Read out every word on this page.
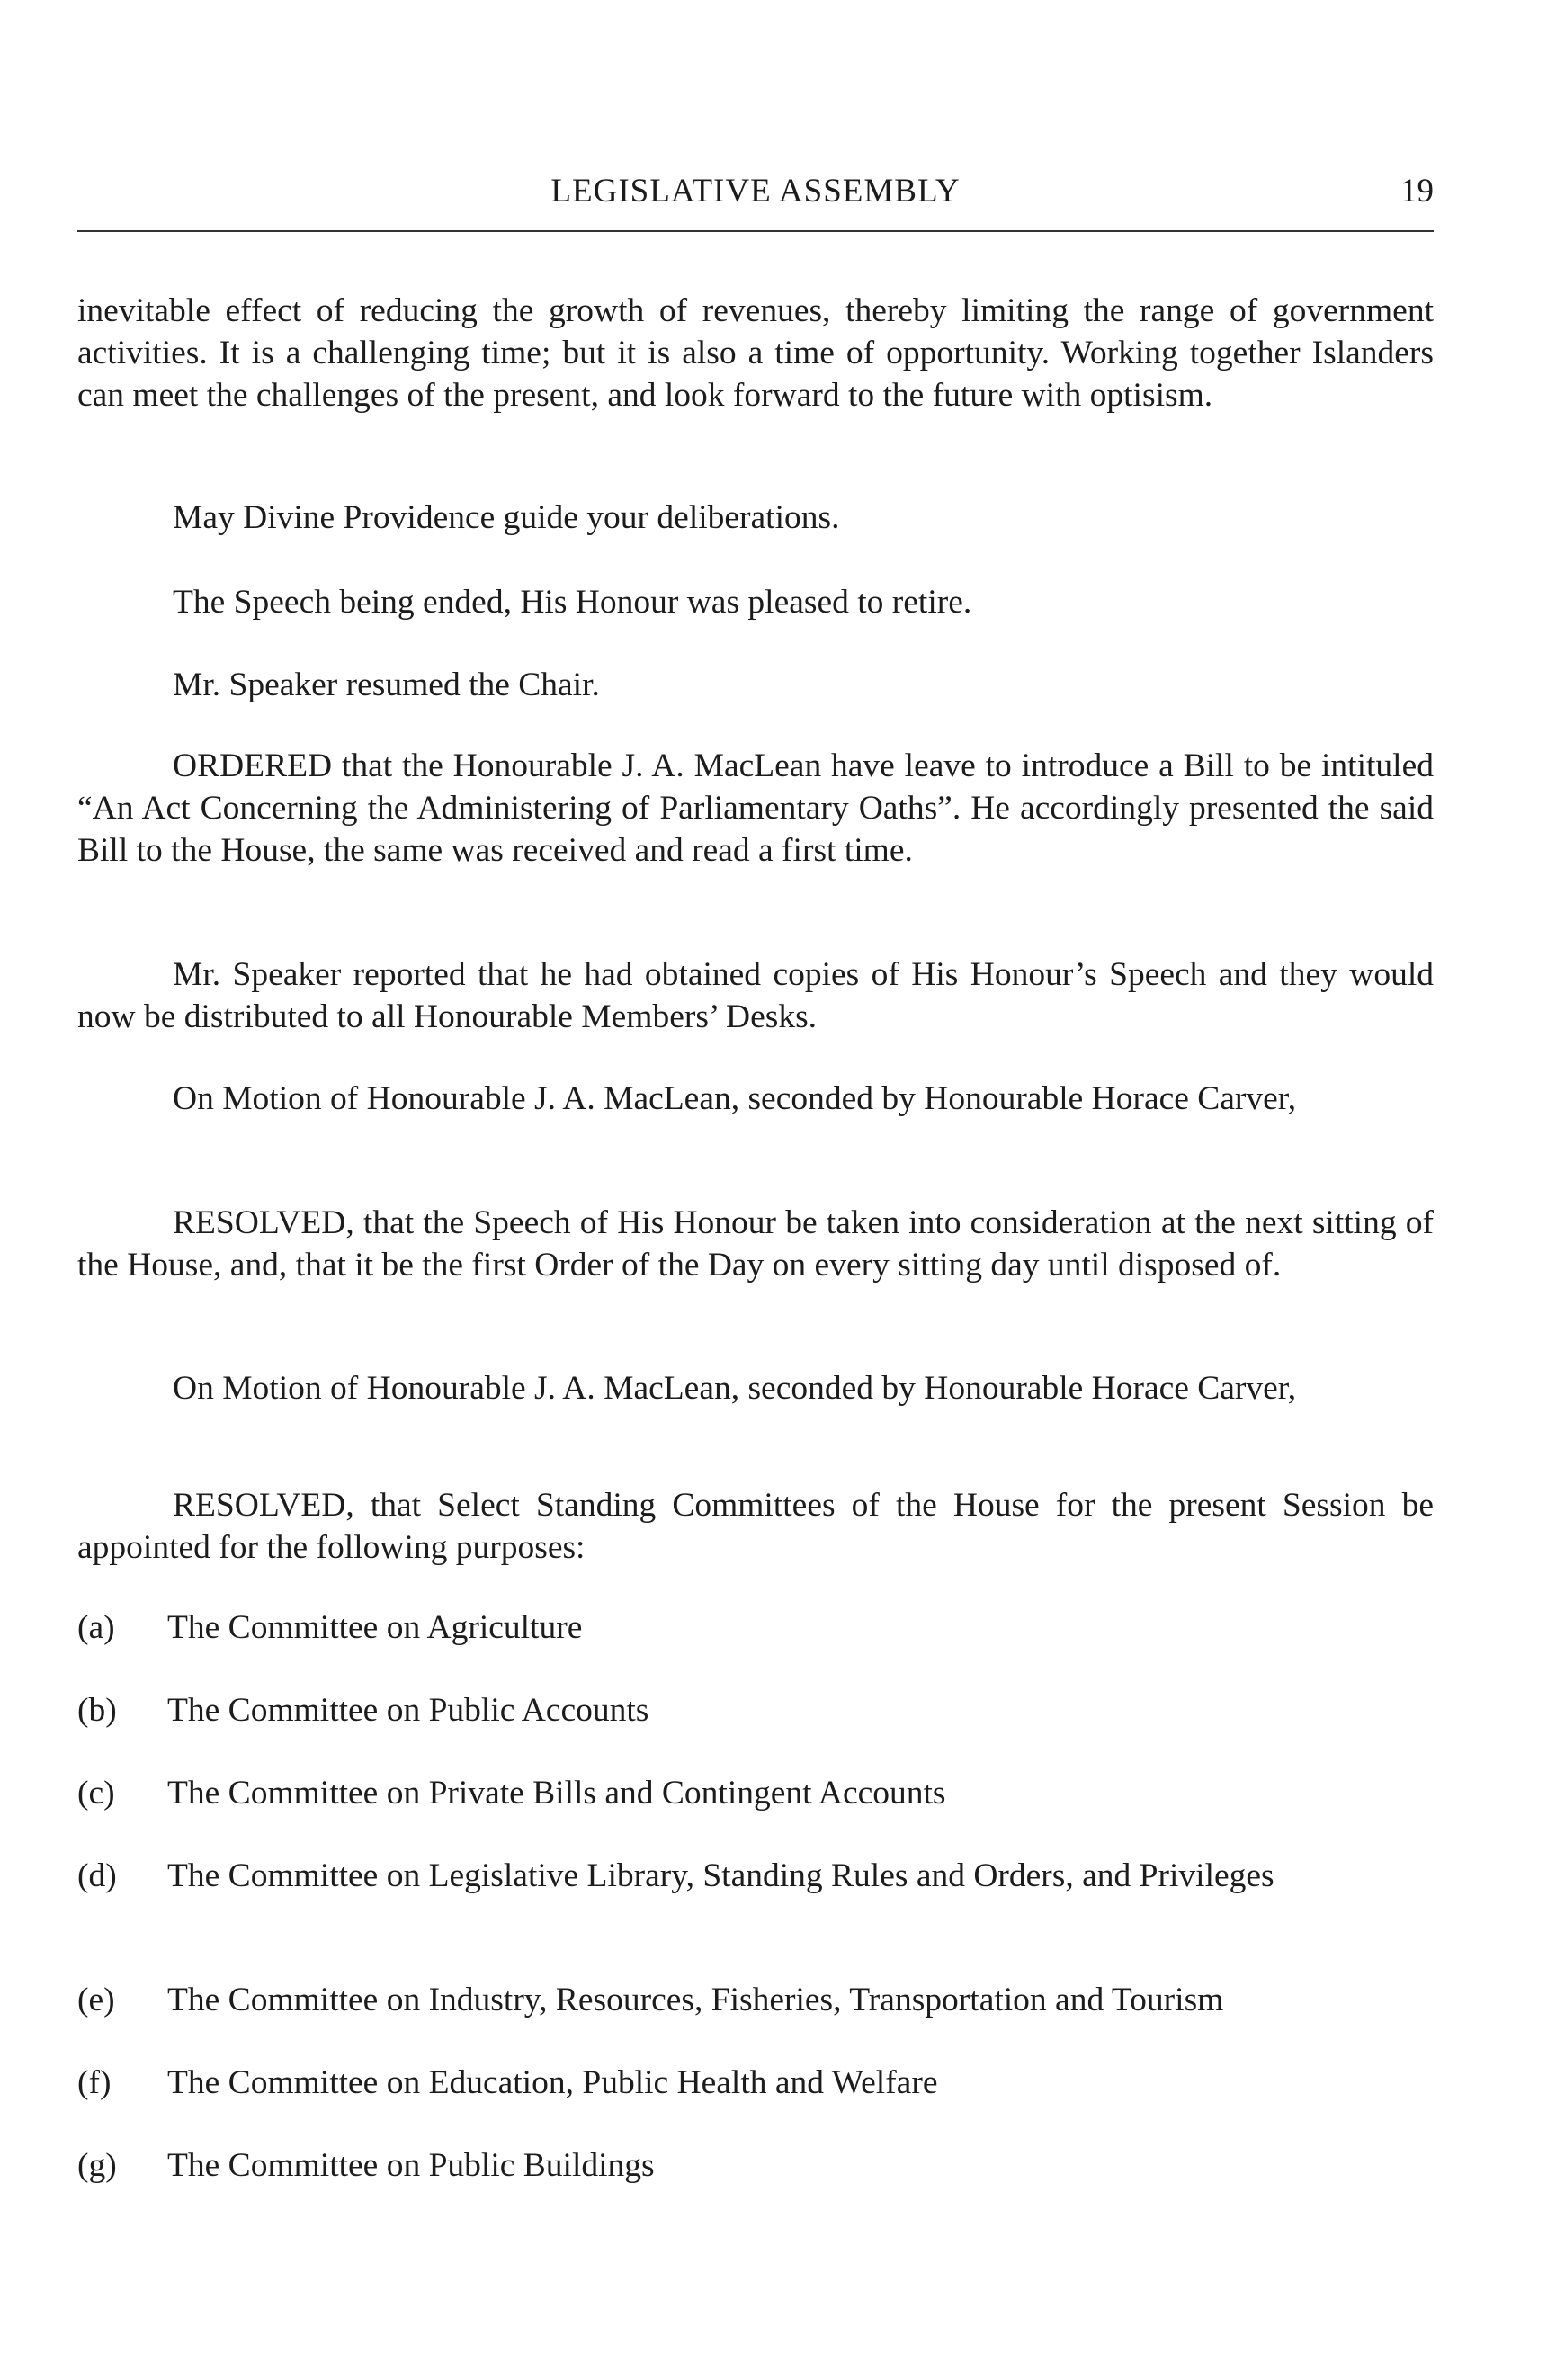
LEGISLATIVE ASSEMBLY	19

inevitable effect of reducing the growth of revenues, thereby limiting the range of government activities. It is a challenging time; but it is also a time of opportunity. Working together Islanders can meet the challenges of the present, and look forward to the future with optisism.

May Divine Providence guide your deliberations.

The Speech being ended, His Honour was pleased to retire.

Mr. Speaker resumed the Chair.

ORDERED that the Honourable J. A. MacLean have leave to introduce a Bill to be intituled “An Act Concerning the Administering of Parliamentary Oaths”. He accordingly presented the said Bill to the House, the same was received and read a first time.

Mr. Speaker reported that he had obtained copies of His Honour’s Speech and they would now be distributed to all Honourable Members’ Desks.

On Motion of Honourable J. A. MacLean, seconded by Honourable Horace Carver,

RESOLVED, that the Speech of His Honour be taken into consideration at the next sitting of the House, and, that it be the first Order of the Day on every sitting day until disposed of.

On Motion of Honourable J. A. MacLean, seconded by Honourable Horace Carver,

RESOLVED, that Select Standing Committees of the House for the present Session be appointed for the following purposes:

(a)	The Committee on Agriculture
(b)	The Committee on Public Accounts
(c)	The Committee on Private Bills and Contingent Accounts
(d)	The Committee on Legislative Library, Standing Rules and Orders, and Privileges
(e)	The Committee on Industry, Resources, Fisheries, Transportation and Tourism
(f)	The Committee on Education, Public Health and Welfare
(g)	The Committee on Public Buildings
